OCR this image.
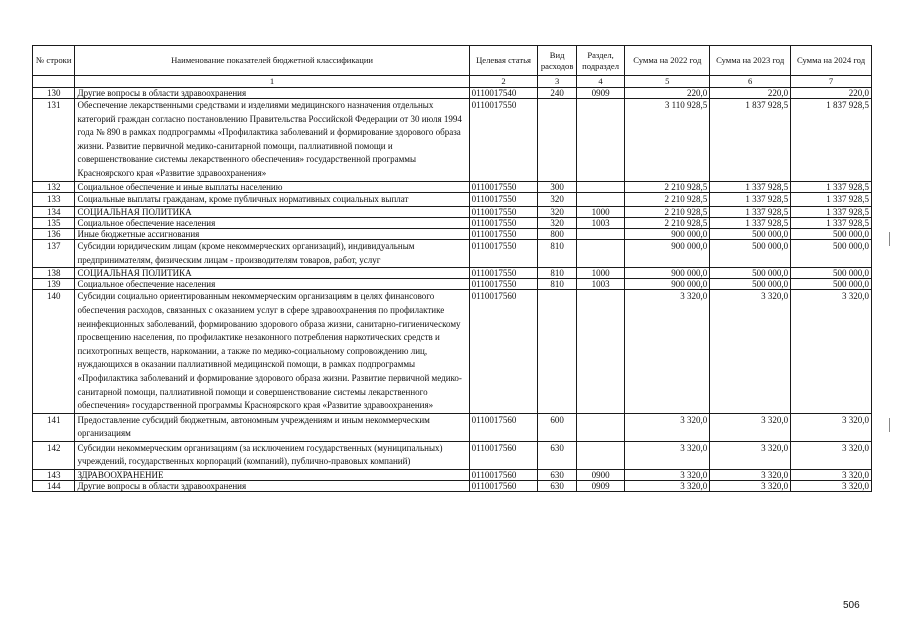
№ строки	Наименование показателей бюджетной классификации	Целевая статья	Вид расходов	Раздел, подраздел	Сумма на 2022 год	Сумма на 2023 год	Сумма на 2024 год
	1	2	3	4	5	6	7
130	Другие вопросы в области здравоохранения	0110017540	240	0909	220,0	220,0	220,0
131	Обеспечение лекарственными средствами и изделиями медицинского назначения отдельных категорий граждан согласно постановлению Правительства Российской Федерации от 30 июля 1994 года № 890 в рамках подпрограммы «Профилактика заболеваний и формирование здорового образа жизни. Развитие первичной медико-санитарной помощи, паллиативной помощи и совершенствование системы лекарственного обеспечения» государственной программы Красноярского края «Развитие здравоохранения»	0110017550			3 110 928,5	1 837 928,5	1 837 928,5
132	Социальное обеспечение и иные выплаты населению	0110017550	300		2 210 928,5	1 337 928,5	1 337 928,5
133	Социальные выплаты гражданам, кроме публичных нормативных социальных выплат	0110017550	320		2 210 928,5	1 337 928,5	1 337 928,5
134	СОЦИАЛЬНАЯ ПОЛИТИКА	0110017550	320	1000	2 210 928,5	1 337 928,5	1 337 928,5
135	Социальное обеспечение населения	0110017550	320	1003	2 210 928,5	1 337 928,5	1 337 928,5
136	Иные бюджетные ассигнования	0110017550	800		900 000,0	500 000,0	500 000,0
137	Субсидии юридическим лицам (кроме некоммерческих организаций), индивидуальным предпринимателям, физическим лицам - производителям товаров, работ, услуг	0110017550	810		900 000,0	500 000,0	500 000,0
138	СОЦИАЛЬНАЯ ПОЛИТИКА	0110017550	810	1000	900 000,0	500 000,0	500 000,0
139	Социальное обеспечение населения	0110017550	810	1003	900 000,0	500 000,0	500 000,0
140	Субсидии социально ориентированным некоммерческим организациям в целях финансового обеспечения расходов, связанных с оказанием услуг в сфере здравоохранения по профилактике неинфекционных заболеваний, формированию здорового образа жизни, санитарно-гигиеническому просвещению населения, по профилактике незаконного потребления наркотических средств и психотропных веществ, наркомании, а также по медико-социальному сопровождению лиц, нуждающихся в оказании паллиативной медицинской помощи, в рамках подпрограммы «Профилактика заболеваний и формирование здорового образа жизни. Развитие первичной медико-санитарной помощи, паллиативной помощи и совершенствование системы лекарственного обеспечения» государственной программы Красноярского края «Развитие здравоохранения»	0110017560			3 320,0	3 320,0	3 320,0
141	Предоставление субсидий бюджетным, автономным учреждениям и иным некоммерческим организациям	0110017560	600		3 320,0	3 320,0	3 320,0
142	Субсидии некоммерческим организациям (за исключением государственных (муниципальных) учреждений, государственных корпораций (компаний), публично-правовых компаний)	0110017560	630		3 320,0	3 320,0	3 320,0
143	ЗДРАВООХРАНЕНИЕ	0110017560	630	0900	3 320,0	3 320,0	3 320,0
144	Другие вопросы в области здравоохранения	0110017560	630	0909	3 320,0	3 320,0	3 320,0
506
